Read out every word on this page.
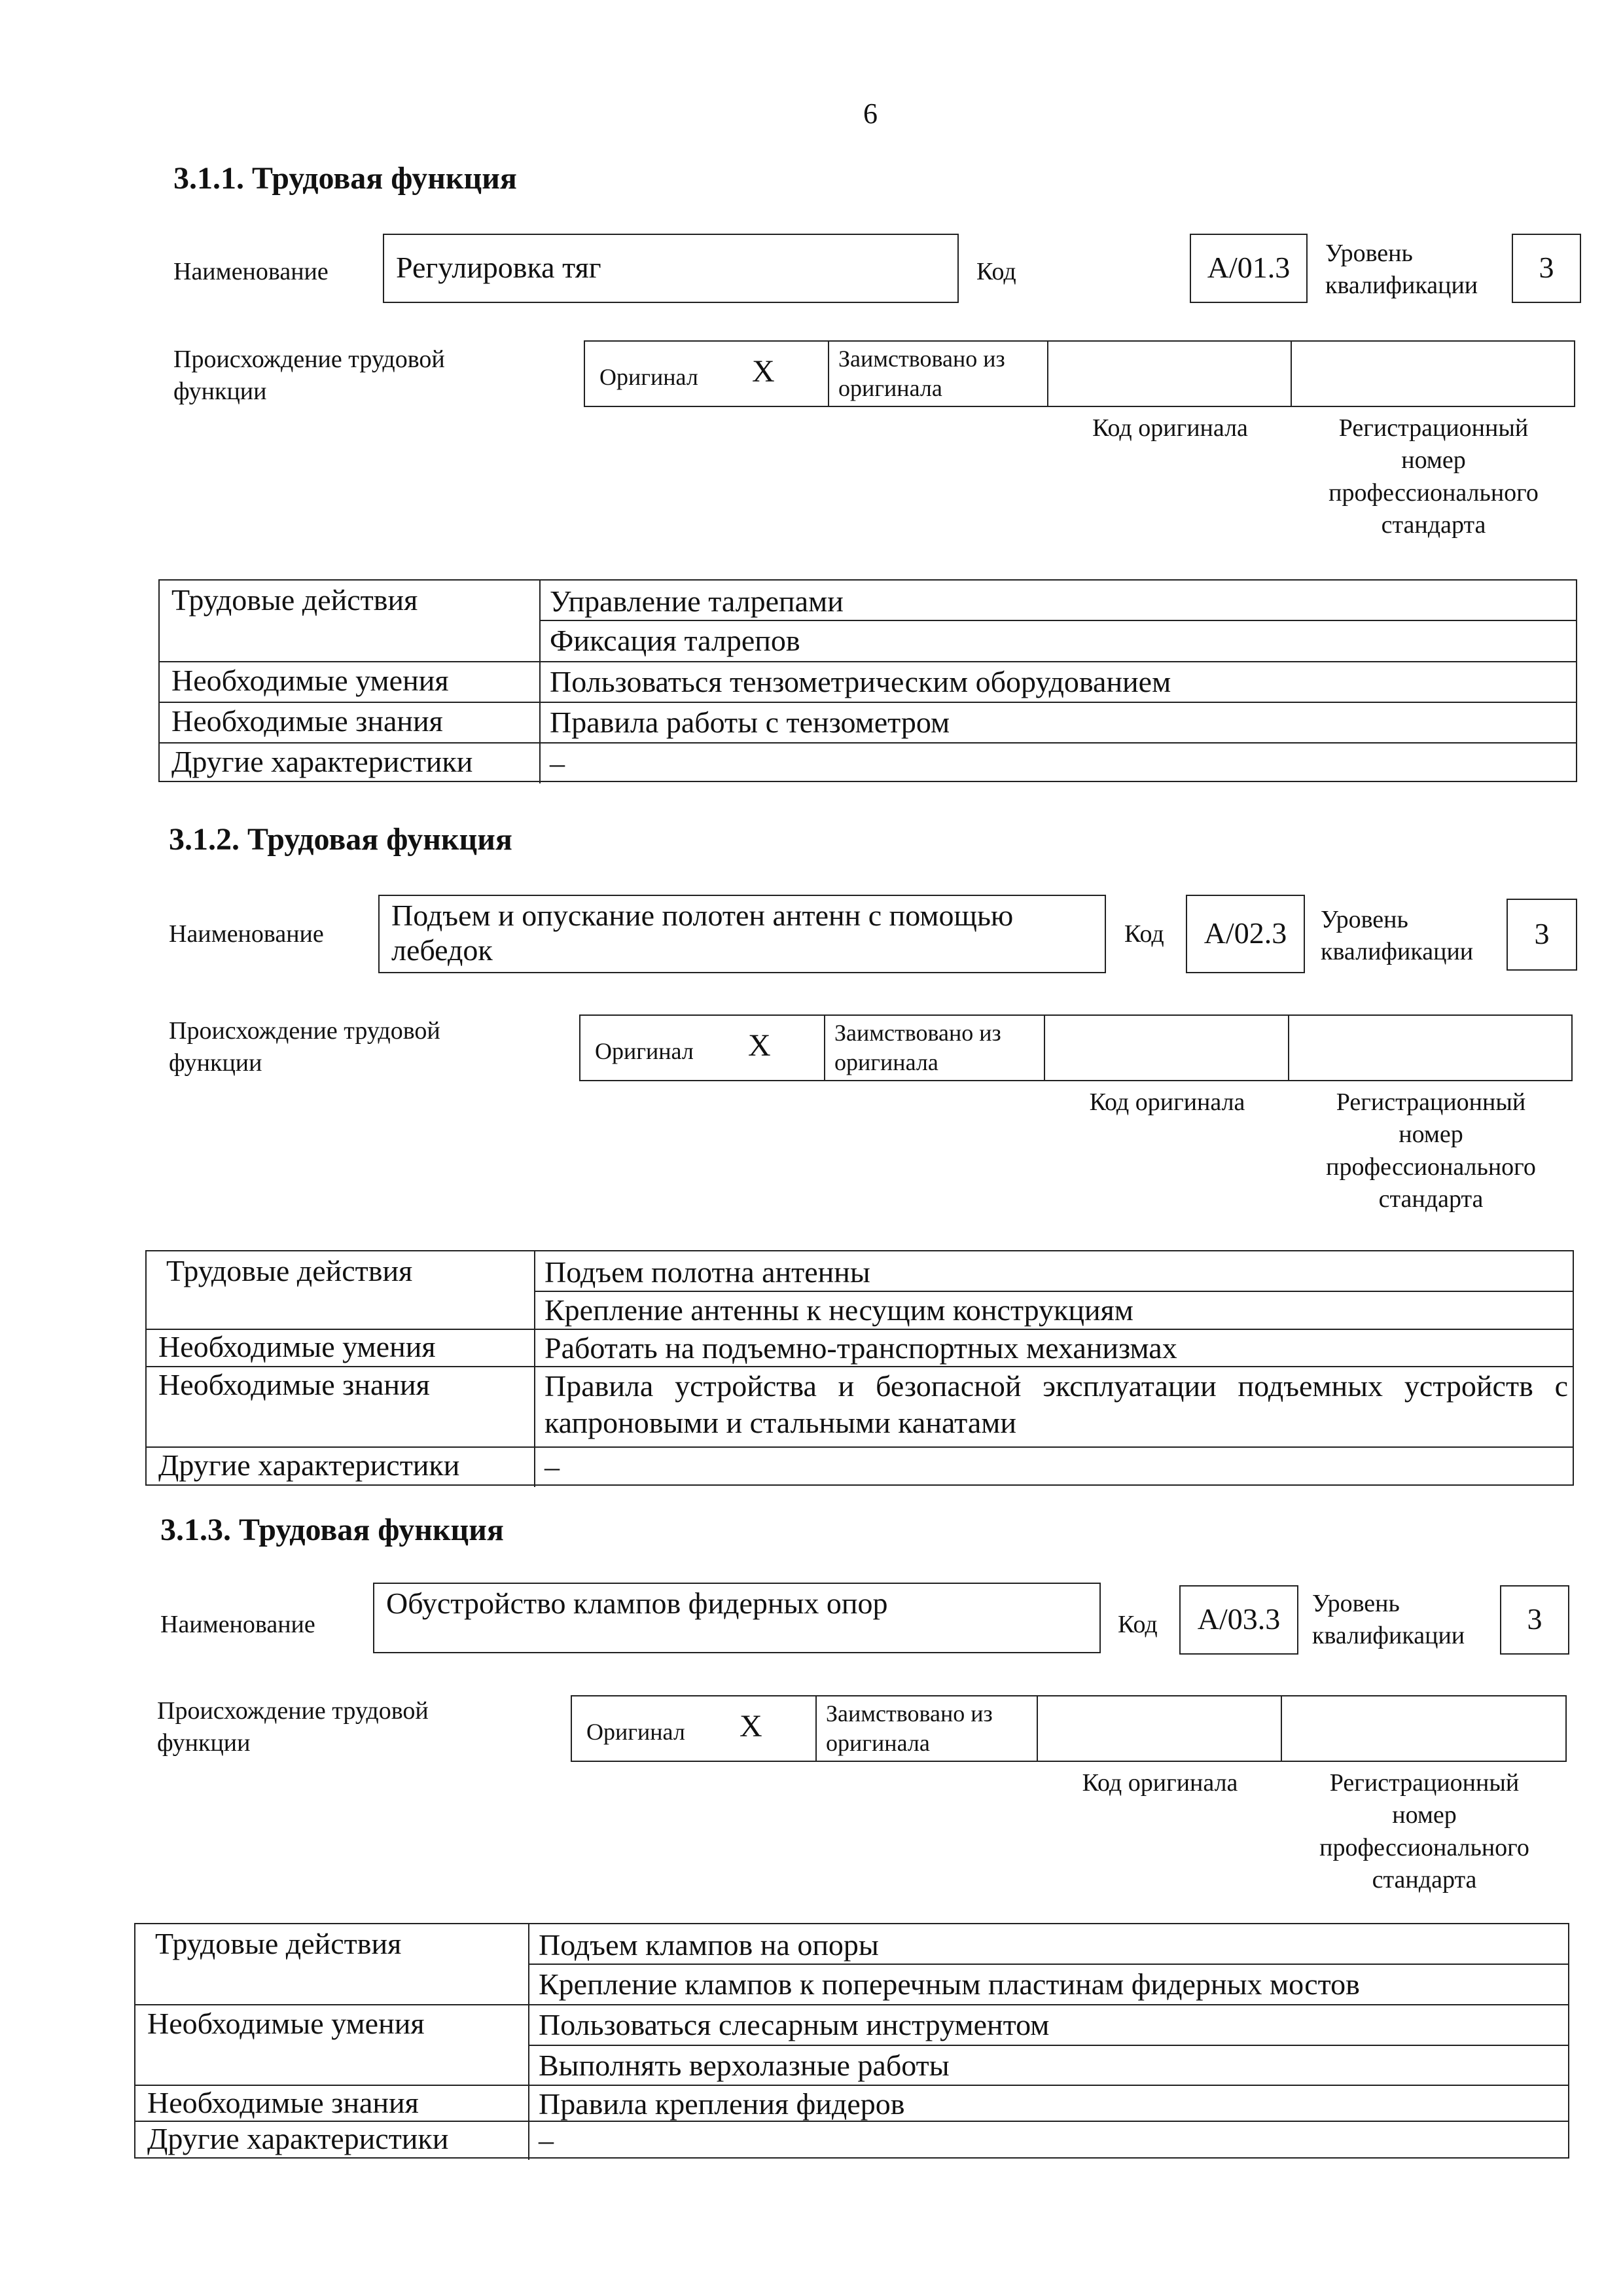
6
3.1.1. Трудовая функция
Наименование Регулировка тяг	Код	A/01.3	Уровень
квалификации
3
Происхождение трудовой
функции
Оригинал X	Заимствовано из
оригинала
Код оригинала	Регистрационный
номер
профессионального
стандарта
Трудовые действия	Управление талрепами
Фиксация талрепов
Необходимые умения	Пользоваться тензометрическим оборудованием
Необходимые знания	Правила работы с тензометром
Другие характеристики	–
3.1.2. Трудовая функция
Наименование
Подъем и опускание полотен антенн с помощью лебедок	Код	A/02.3	Уровень
квалификации
3
Происхождение трудовой
функции	Оригинал X	Заимствовано из
оригинала
Код оригинала	Регистрационный
номер
профессионального
стандарта
Трудовые действия	Подъем полотна антенны
Крепление антенны к несущим конструкциям
Необходимые умения	Работать на подъемно-транспортных механизмах
Необходимые знания	Правила устройства и безопасной эксплуатации подъемных устройств с капроновыми и стальными канатами
Другие характеристики	–
3.1.3. Трудовая функция
Наименование
Обустройство клампов фидерных опор
Код	A/03.3	Уровень
квалификации
3
Происхождение трудовой
функции	Оригинал X	Заимствовано из
оригинала
Код оригинала	Регистрационный
номер
профессионального
стандарта
Трудовые действия	Подъем клампов на опоры
Крепление клампов к поперечным пластинам фидерных мостов
Необходимые умения	Пользоваться слесарным инструментом
Выполнять верхолазные работы
Необходимые знания	Правила крепления фидеров
Другие характеристики	–
